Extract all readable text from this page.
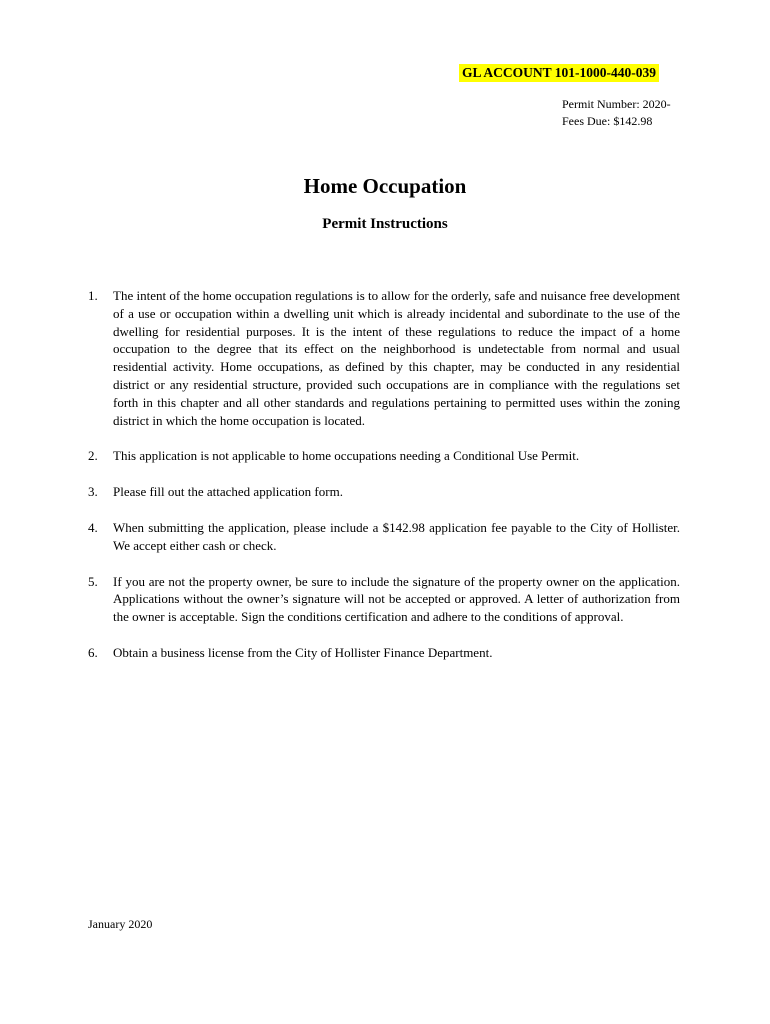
GL ACCOUNT 101-1000-440-039
Permit Number: 2020-
Fees Due: $142.98
Home Occupation
Permit Instructions
1.	The intent of the home occupation regulations is to allow for the orderly, safe and nuisance free development of a use or occupation within a dwelling unit which is already incidental and subordinate to the use of the dwelling for residential purposes. It is the intent of these regulations to reduce the impact of a home occupation to the degree that its effect on the neighborhood is undetectable from normal and usual residential activity. Home occupations, as defined by this chapter, may be conducted in any residential district or any residential structure, provided such occupations are in compliance with the regulations set forth in this chapter and all other standards and regulations pertaining to permitted uses within the zoning district in which the home occupation is located.
2.	This application is not applicable to home occupations needing a Conditional Use Permit.
3.	Please fill out the attached application form.
4.	When submitting the application, please include a $142.98 application fee payable to the City of Hollister. We accept either cash or check.
5.	If you are not the property owner, be sure to include the signature of the property owner on the application. Applications without the owner’s signature will not be accepted or approved. A letter of authorization from the owner is acceptable. Sign the conditions certification and adhere to the conditions of approval.
6.	Obtain a business license from the City of Hollister Finance Department.
January 2020
